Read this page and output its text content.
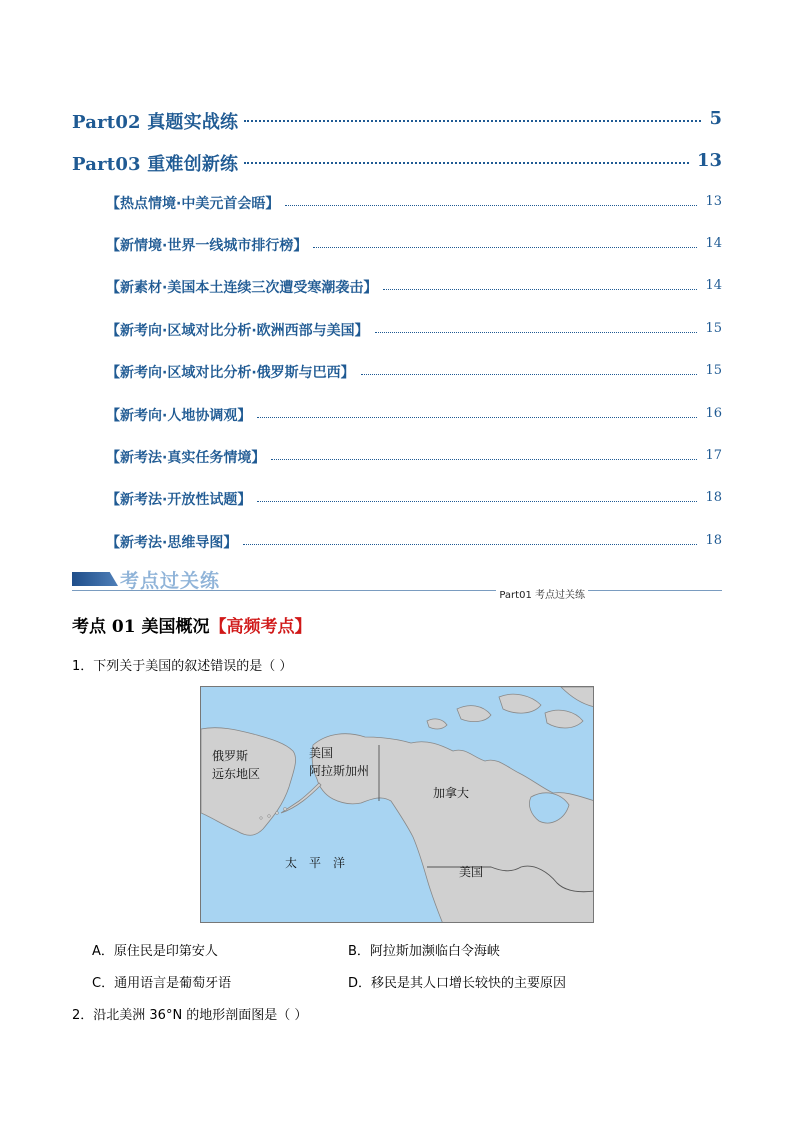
Part02 真题实战练	5
Part03 重难创新练	13
【热点情境·中美元首会晤】	13
【新情境·世界一线城市排行榜】	14
【新素材·美国本土连续三次遭受寒潮袭击】	14
【新考向·区域对比分析·欧洲西部与美国】	15
【新考向·区域对比分析·俄罗斯与巴西】	15
【新考向·人地协调观】	16
【新考法·真实任务情境】	17
【新考法·开放性试题】	18
【新考法·思维导图】	18
考点过关练
Part01 考点过关练
考点 01 美国概况【高频考点】
1．下列关于美国的叙述错误的是（ ）
俄罗斯
远东地区
美国
阿拉斯加州
加拿大
太　平　洋
美国
A．原住民是印第安人	B．阿拉斯加濒临白令海峡
C．通用语言是葡萄牙语	D．移民是其人口增长较快的主要原因
2．沿北美洲 36°N 的地形剖面图是（ ）
